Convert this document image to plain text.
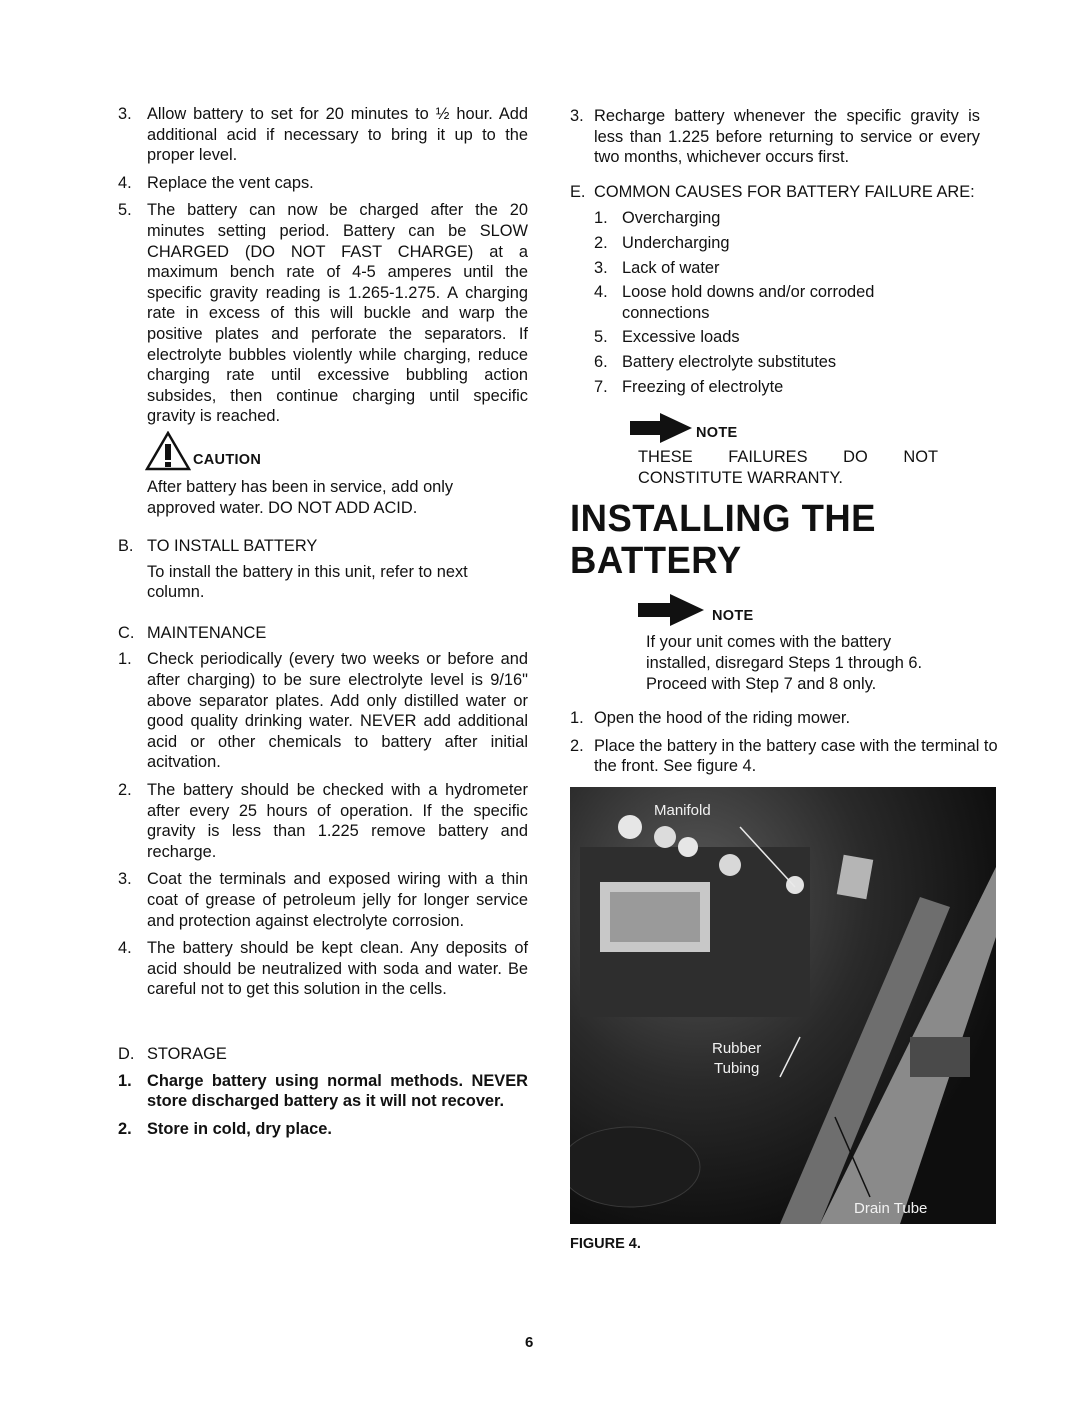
3. Allow battery to set for 20 minutes to ½ hour. Add additional acid if necessary to bring it up to the proper level.
4. Replace the vent caps.
5. The battery can now be charged after the 20 minutes setting period. Battery can be SLOW CHARGED (DO NOT FAST CHARGE) at a maximum bench rate of 4-5 amperes until the specific gravity reading is 1.265-1.275. A charging rate in excess of this will buckle and warp the positive plates and perforate the separators. If electrolyte bubbles violently while charging, reduce charging rate until excessive bubbling action subsides, then continue charging until specific gravity is reached.
CAUTION

After battery has been in service, add only approved water. DO NOT ADD ACID.

B. TO INSTALL BATTERY

To install the battery in this unit, refer to next column.

C. MAINTENANCE
1. Check periodically (every two weeks or before and after charging) to be sure electrolyte level is 9/16" above separator plates. Add only distilled water or good quality drinking water. NEVER add additional acid or other chemicals to battery after initial acitvation.
2. The battery should be checked with a hydrometer after every 25 hours of operation. If the specific gravity is less than 1.225 remove battery and recharge.
3. Coat the terminals and exposed wiring with a thin coat of grease of petroleum jelly for longer service and protection against electrolyte corrosion.
4. The battery should be kept clean. Any deposits of acid should be neutralized with soda and water. Be careful not to get this solution in the cells.
D. STORAGE
1. Charge battery using normal methods. NEVER store discharged battery as it will not recover.
2. Store in cold, dry place.
3. Recharge battery whenever the specific gravity is less than 1.225 before returning to service or every two months, whichever occurs first.
E. COMMON CAUSES FOR BATTERY FAILURE ARE:
1. Overcharging
2. Undercharging
3. Lack of water
4. Loose hold downs and/or corroded connections
5. Excessive loads
6. Battery electrolyte substitutes
7. Freezing of electrolyte
NOTE

THESE FAILURES DO NOT CONSTITUTE WARRANTY.

INSTALLING THE

BATTERY

NOTE

If your unit comes with the battery installed, disregard Steps 1 through 6. Proceed with Step 7 and 8 only.

1. Open the hood of the riding mower.
2. Place the battery in the battery case with the terminal to the front. See figure 4.
Manifold
Rubber
Tubing
Drain Tube
FIGURE 4.
6
